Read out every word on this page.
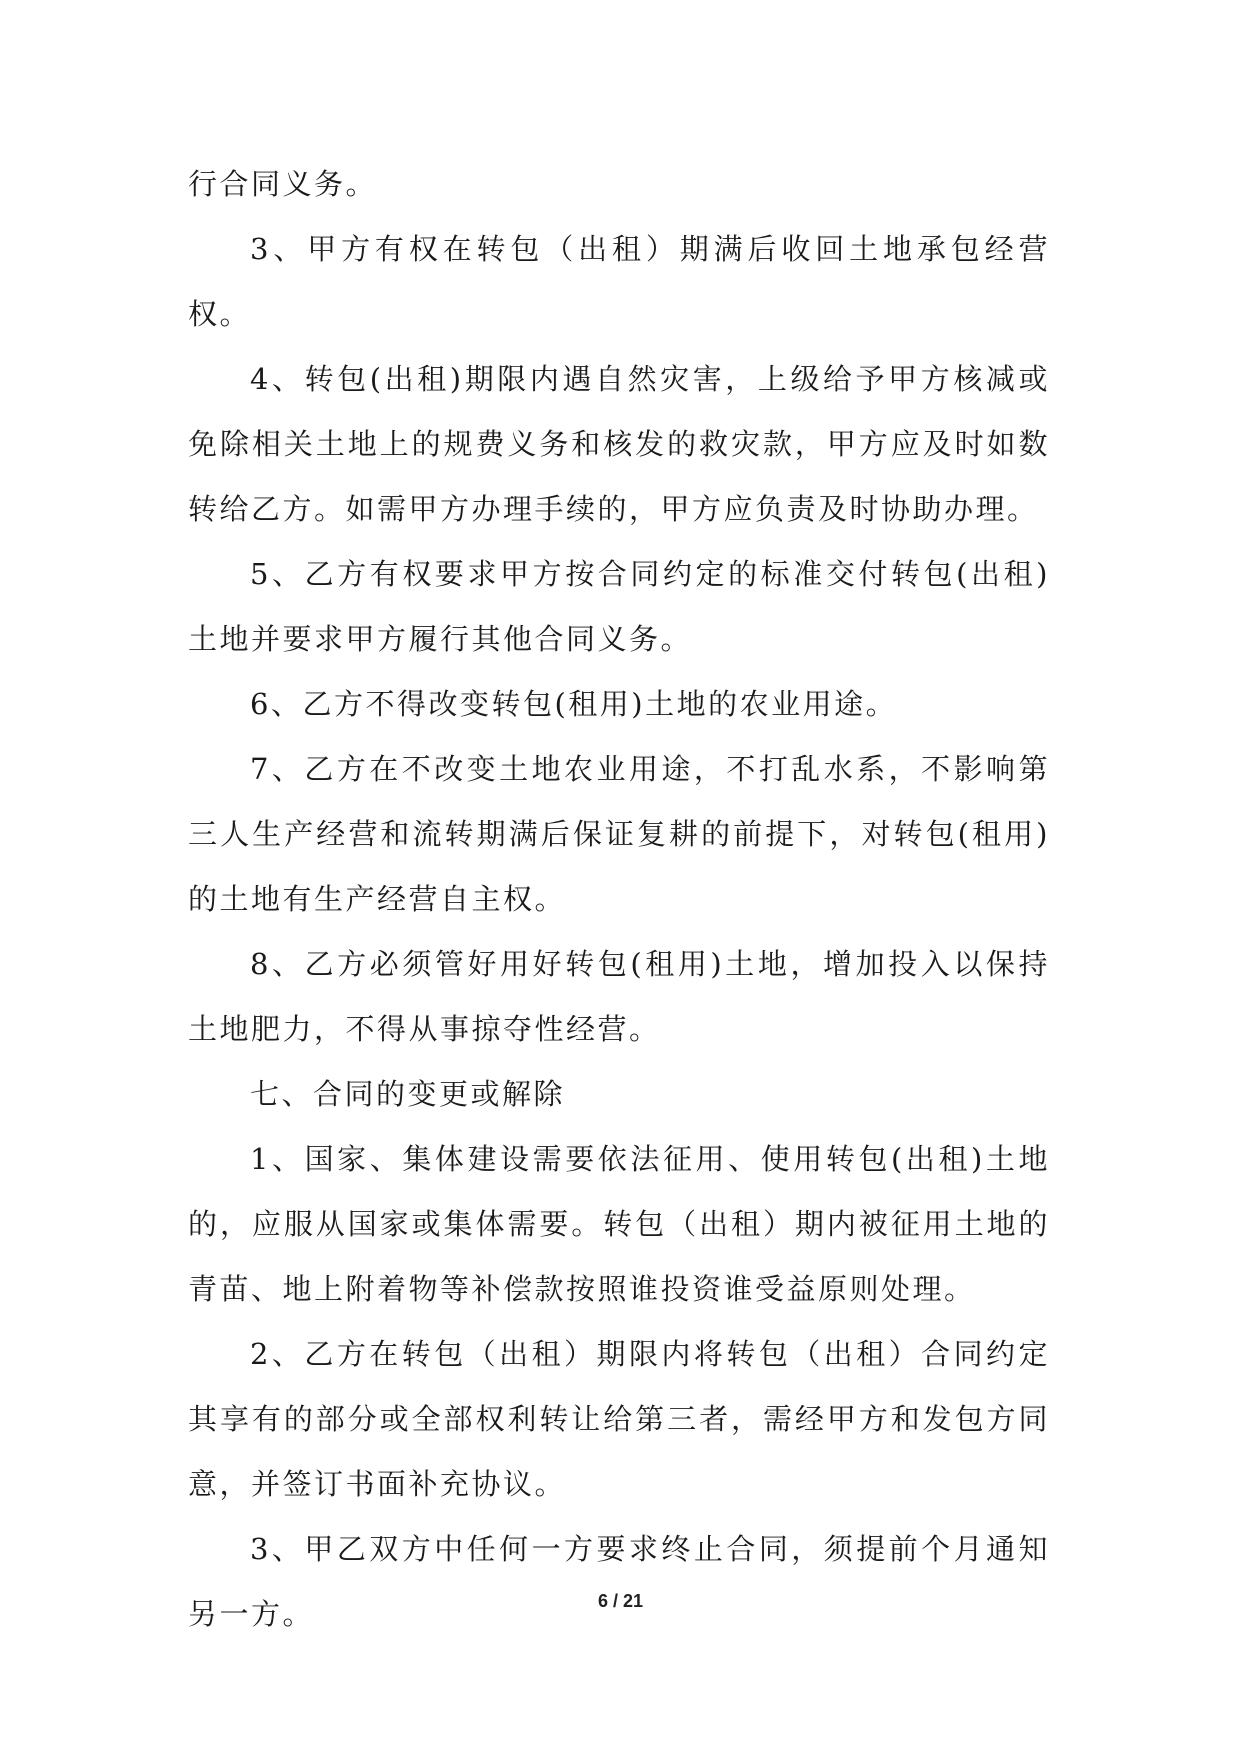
行合同义务。

3、甲方有权在转包（出租）期满后收回土地承包经营权。

4、转包(出租)期限内遇自然灾害，上级给予甲方核减或免除相关土地上的规费义务和核发的救灾款，甲方应及时如数转给乙方。如需甲方办理手续的，甲方应负责及时协助办理。

5、乙方有权要求甲方按合同约定的标准交付转包(出租)土地并要求甲方履行其他合同义务。

6、乙方不得改变转包(租用)土地的农业用途。

7、乙方在不改变土地农业用途，不打乱水系，不影响第三人生产经营和流转期满后保证复耕的前提下，对转包(租用)的土地有生产经营自主权。

8、乙方必须管好用好转包(租用)土地，增加投入以保持土地肥力，不得从事掠夺性经营。

七、合同的变更或解除

1、国家、集体建设需要依法征用、使用转包(出租)土地的，应服从国家或集体需要。转包（出租）期内被征用土地的青苗、地上附着物等补偿款按照谁投资谁受益原则处理。

2、乙方在转包（出租）期限内将转包（出租）合同约定其享有的部分或全部权利转让给第三者，需经甲方和发包方同意，并签订书面补充协议。

3、甲乙双方中任何一方要求终止合同，须提前个月通知另一方。	6 / 21
